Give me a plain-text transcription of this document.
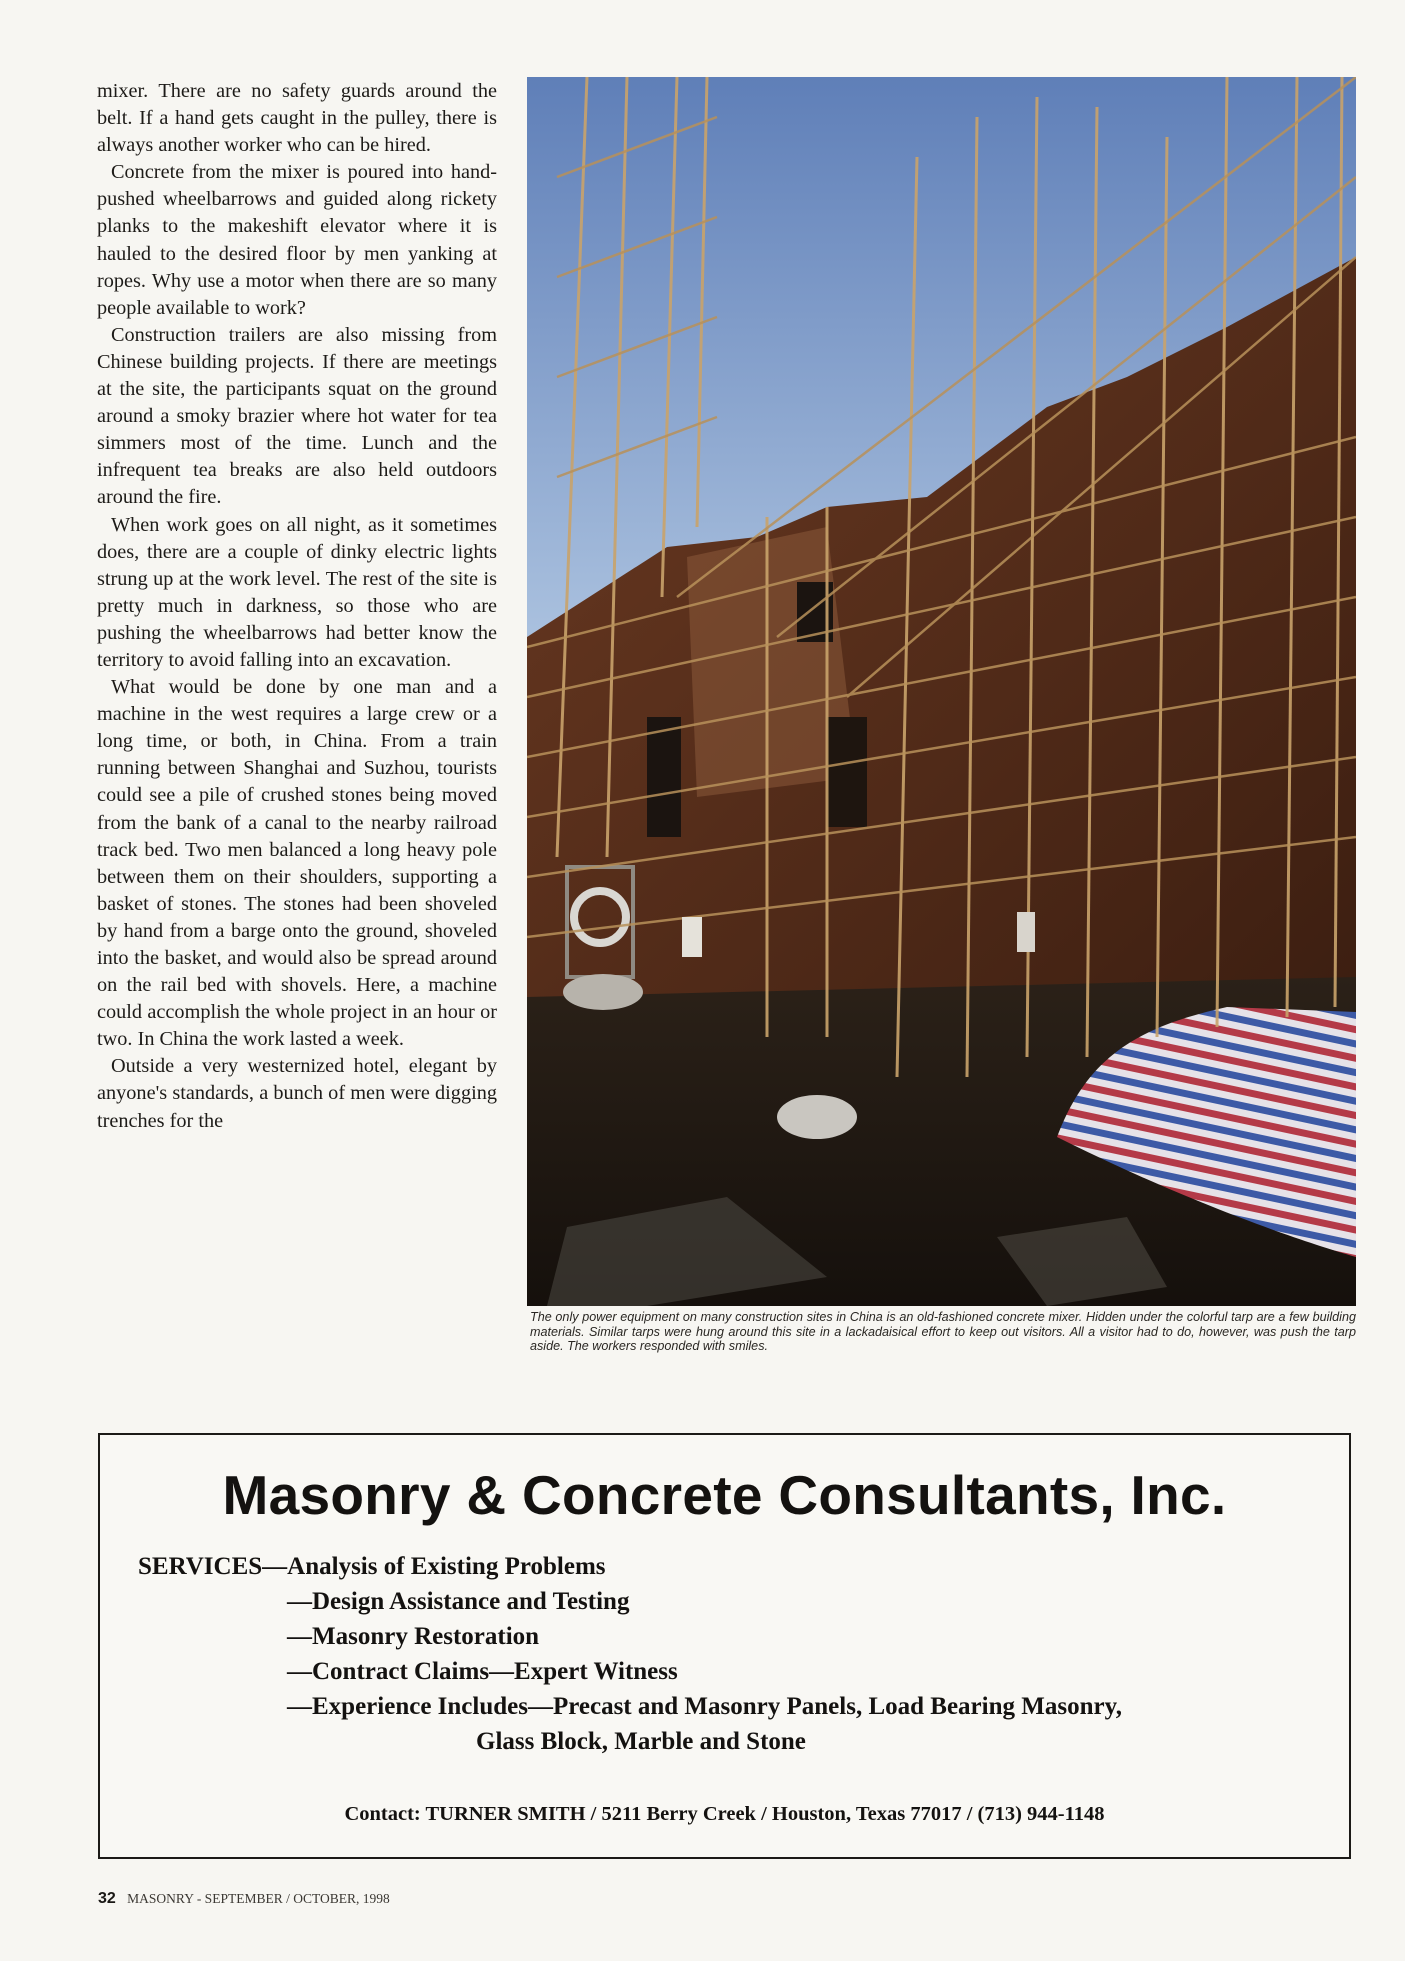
mixer. There are no safety guards around the belt. If a hand gets caught in the pulley, there is always another worker who can be hired.

Concrete from the mixer is poured into hand-pushed wheelbarrows and guided along rickety planks to the makeshift elevator where it is hauled to the desired floor by men yanking at ropes. Why use a motor when there are so many people available to work?

Construction trailers are also missing from Chinese building projects. If there are meetings at the site, the participants squat on the ground around a smoky brazier where hot water for tea simmers most of the time. Lunch and the infrequent tea breaks are also held outdoors around the fire.

When work goes on all night, as it sometimes does, there are a couple of dinky electric lights strung up at the work level. The rest of the site is pretty much in darkness, so those who are pushing the wheelbarrows had better know the territory to avoid falling into an excavation.

What would be done by one man and a machine in the west requires a large crew or a long time, or both, in China. From a train running between Shanghai and Suzhou, tourists could see a pile of crushed stones being moved from the bank of a canal to the nearby railroad track bed. Two men balanced a long heavy pole between them on their shoulders, supporting a basket of stones. The stones had been shoveled by hand from a barge onto the ground, shoveled into the basket, and would also be spread around on the rail bed with shovels. Here, a machine could accomplish the whole project in an hour or two. In China the work lasted a week.

Outside a very westernized hotel, elegant by anyone's standards, a bunch of men were digging trenches for the

The only power equipment on many construction sites in China is an old-fashioned concrete mixer. Hidden under the colorful tarp are a few building materials. Similar tarps were hung around this site in a lackadaisical effort to keep out visitors. All a visitor had to do, however, was push the tarp aside. The workers responded with smiles.
Masonry & Concrete Consultants, Inc.
SERVICES—Analysis of Existing Problems
—Design Assistance and Testing
—Masonry Restoration
—Contract Claims—Expert Witness
—Experience Includes—Precast and Masonry Panels, Load Bearing Masonry,
Glass Block, Marble and Stone
Contact: TURNER SMITH / 5211 Berry Creek / Houston, Texas 77017 / (713) 944-1148
32 MASONRY - SEPTEMBER / OCTOBER, 1998
